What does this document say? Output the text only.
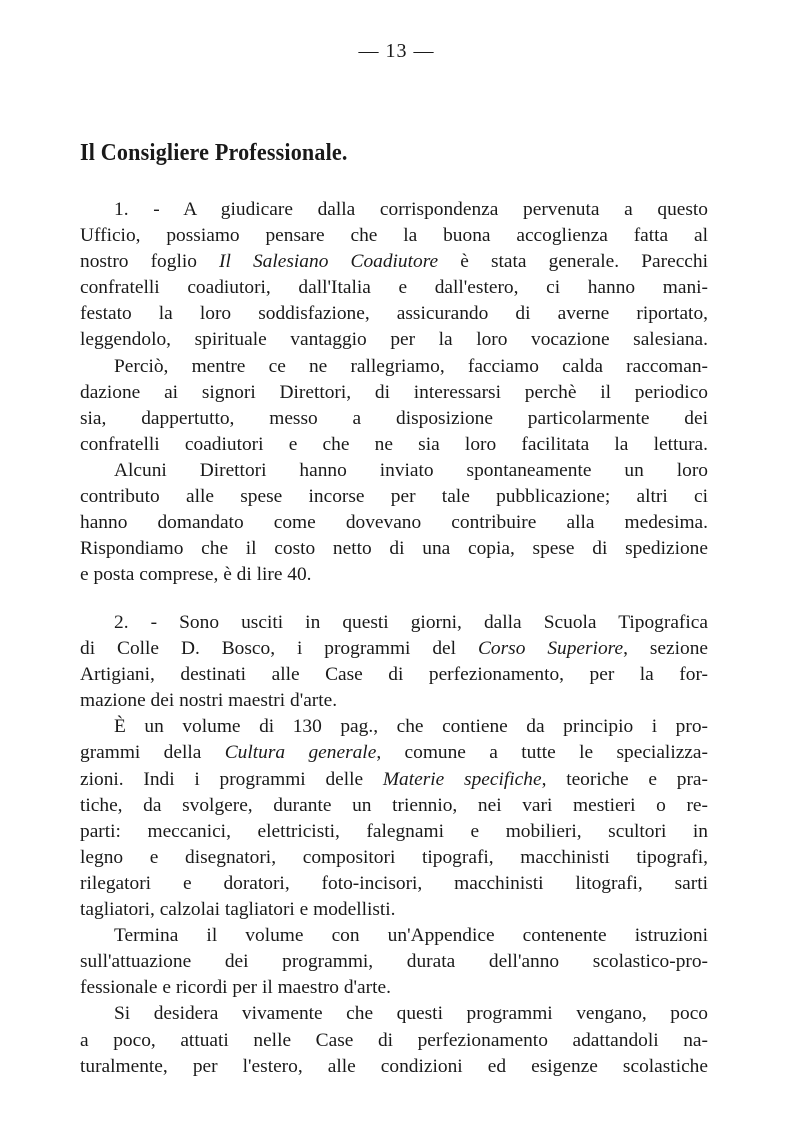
— 13 —
Il Consigliere Professionale.
1. - A giudicare dalla corrispondenza pervenuta a questo
Ufficio, possiamo pensare che la buona accoglienza fatta al
nostro foglio Il Salesiano Coadiutore è stata generale. Parecchi
confratelli coadiutori, dall'Italia e dall'estero, ci hanno mani-
festato la loro soddisfazione, assicurando di averne riportato,
leggendolo, spirituale vantaggio per la loro vocazione salesiana.
Perciò, mentre ce ne rallegriamo, facciamo calda raccoman-
dazione ai signori Direttori, di interessarsi perchè il periodico
sia, dappertutto, messo a disposizione particolarmente dei
confratelli coadiutori e che ne sia loro facilitata la lettura.
Alcuni Direttori hanno inviato spontaneamente un loro
contributo alle spese incorse per tale pubblicazione; altri ci
hanno domandato come dovevano contribuire alla medesima.
Rispondiamo che il costo netto di una copia, spese di spedizione
e posta comprese, è di lire 40.
2. - Sono usciti in questi giorni, dalla Scuola Tipografica
di Colle D. Bosco, i programmi del Corso Superiore, sezione
Artigiani, destinati alle Case di perfezionamento, per la for-
mazione dei nostri maestri d'arte.
È un volume di 130 pag., che contiene da principio i pro-
grammi della Cultura generale, comune a tutte le specializza-
zioni. Indi i programmi delle Materie specifiche, teoriche e pra-
tiche, da svolgere, durante un triennio, nei vari mestieri o re-
parti: meccanici, elettricisti, falegnami e mobilieri, scultori in
legno e disegnatori, compositori tipografi, macchinisti tipografi,
rilegatori e doratori, foto-incisori, macchinisti litografi, sarti
tagliatori, calzolai tagliatori e modellisti.
Termina il volume con un'Appendice contenente istruzioni
sull'attuazione dei programmi, durata dell'anno scolastico-pro-
fessionale e ricordi per il maestro d'arte.
Si desidera vivamente che questi programmi vengano, poco
a poco, attuati nelle Case di perfezionamento adattandoli na-
turalmente, per l'estero, alle condizioni ed esigenze scolastiche
